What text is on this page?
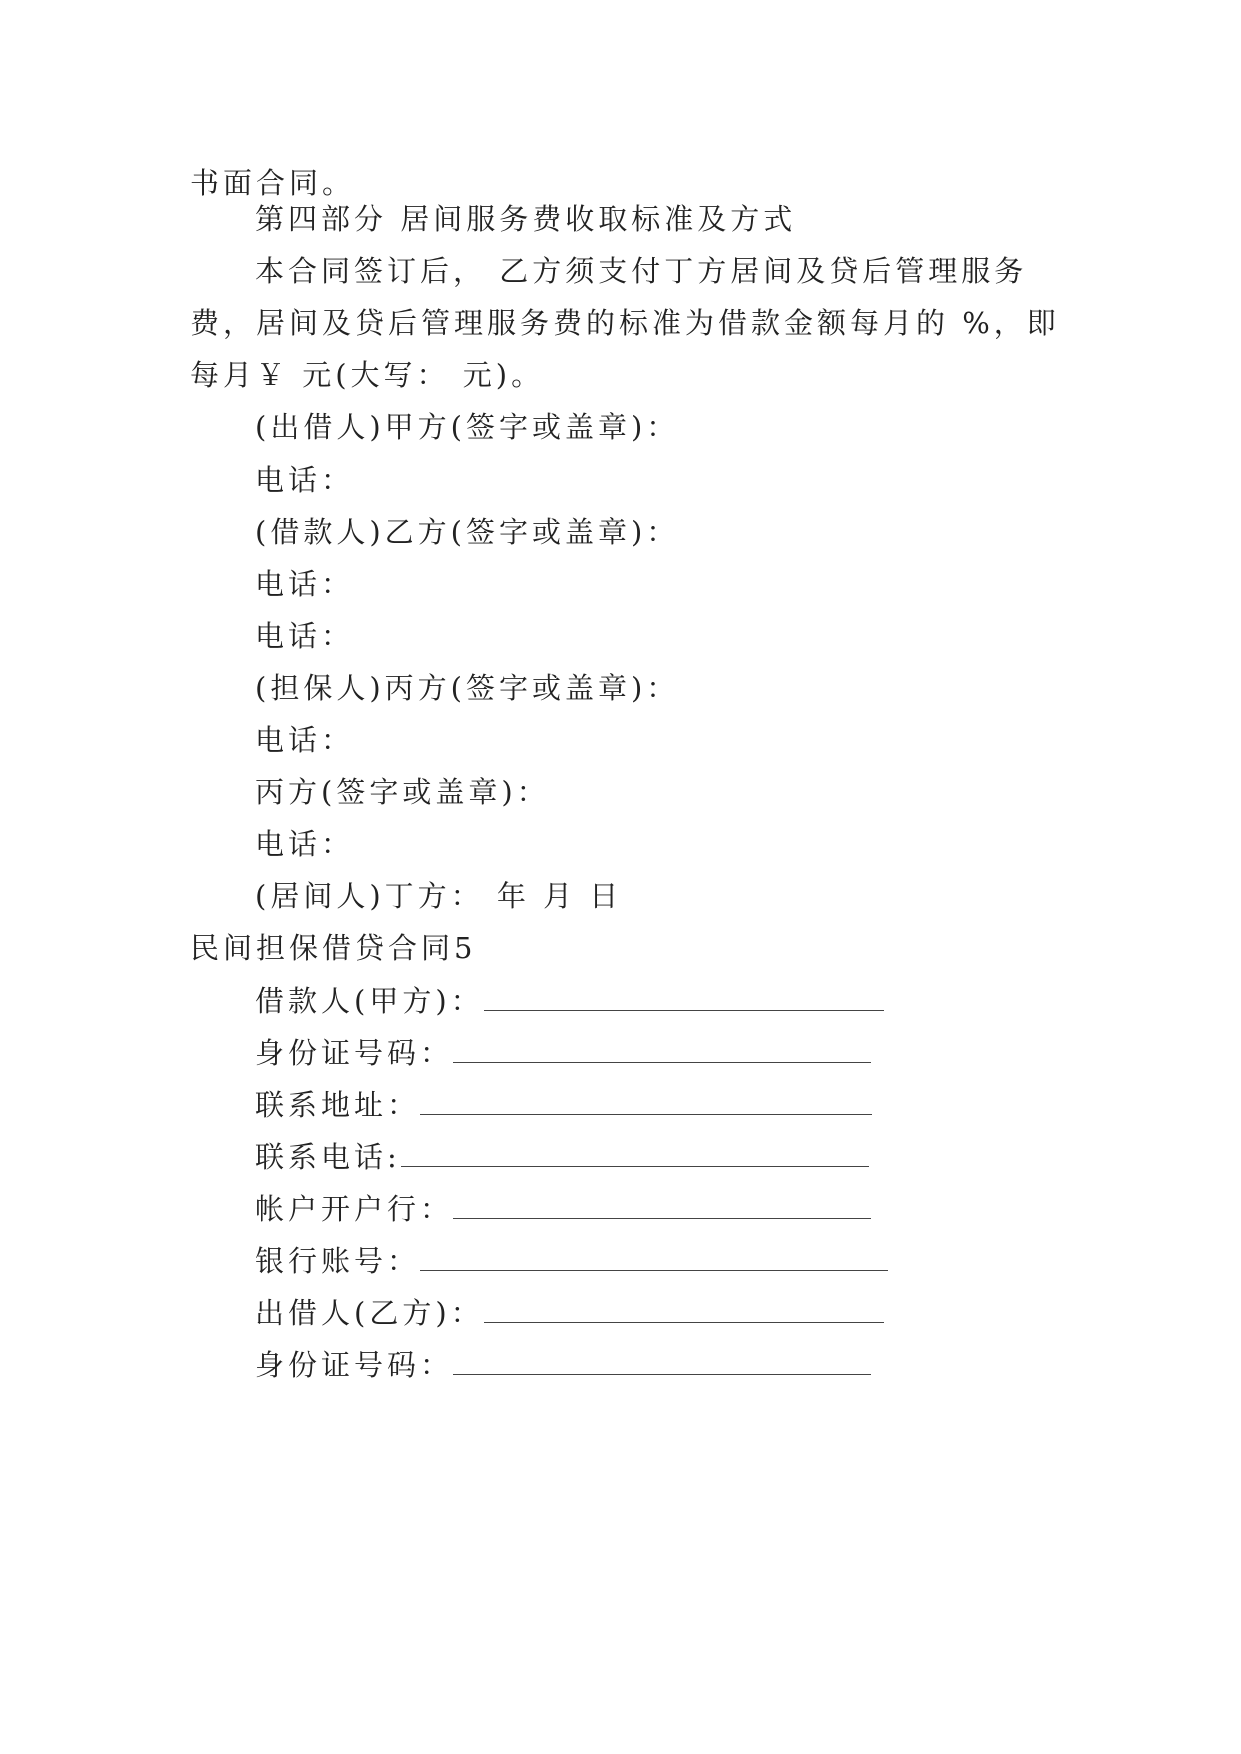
书面合同。
第四部分 居间服务费收取标准及方式
本合同签订后， 乙方须支付丁方居间及贷后管理服务
费，居间及贷后管理服务费的标准为借款金额每月的 %，即
每月￥ 元(大写： 元)。
(出借人)甲方(签字或盖章)：
电话：
(借款人)乙方(签字或盖章)：
电话：
电话：
(担保人)丙方(签字或盖章)：
电话：
丙方(签字或盖章)：
电话：
(居间人)丁方： 年 月 日
民间担保借贷合同5
借款人(甲方)：
身份证号码：
联系地址：
联系电话:
帐户开户行：
银行账号：
出借人(乙方)：
身份证号码：
